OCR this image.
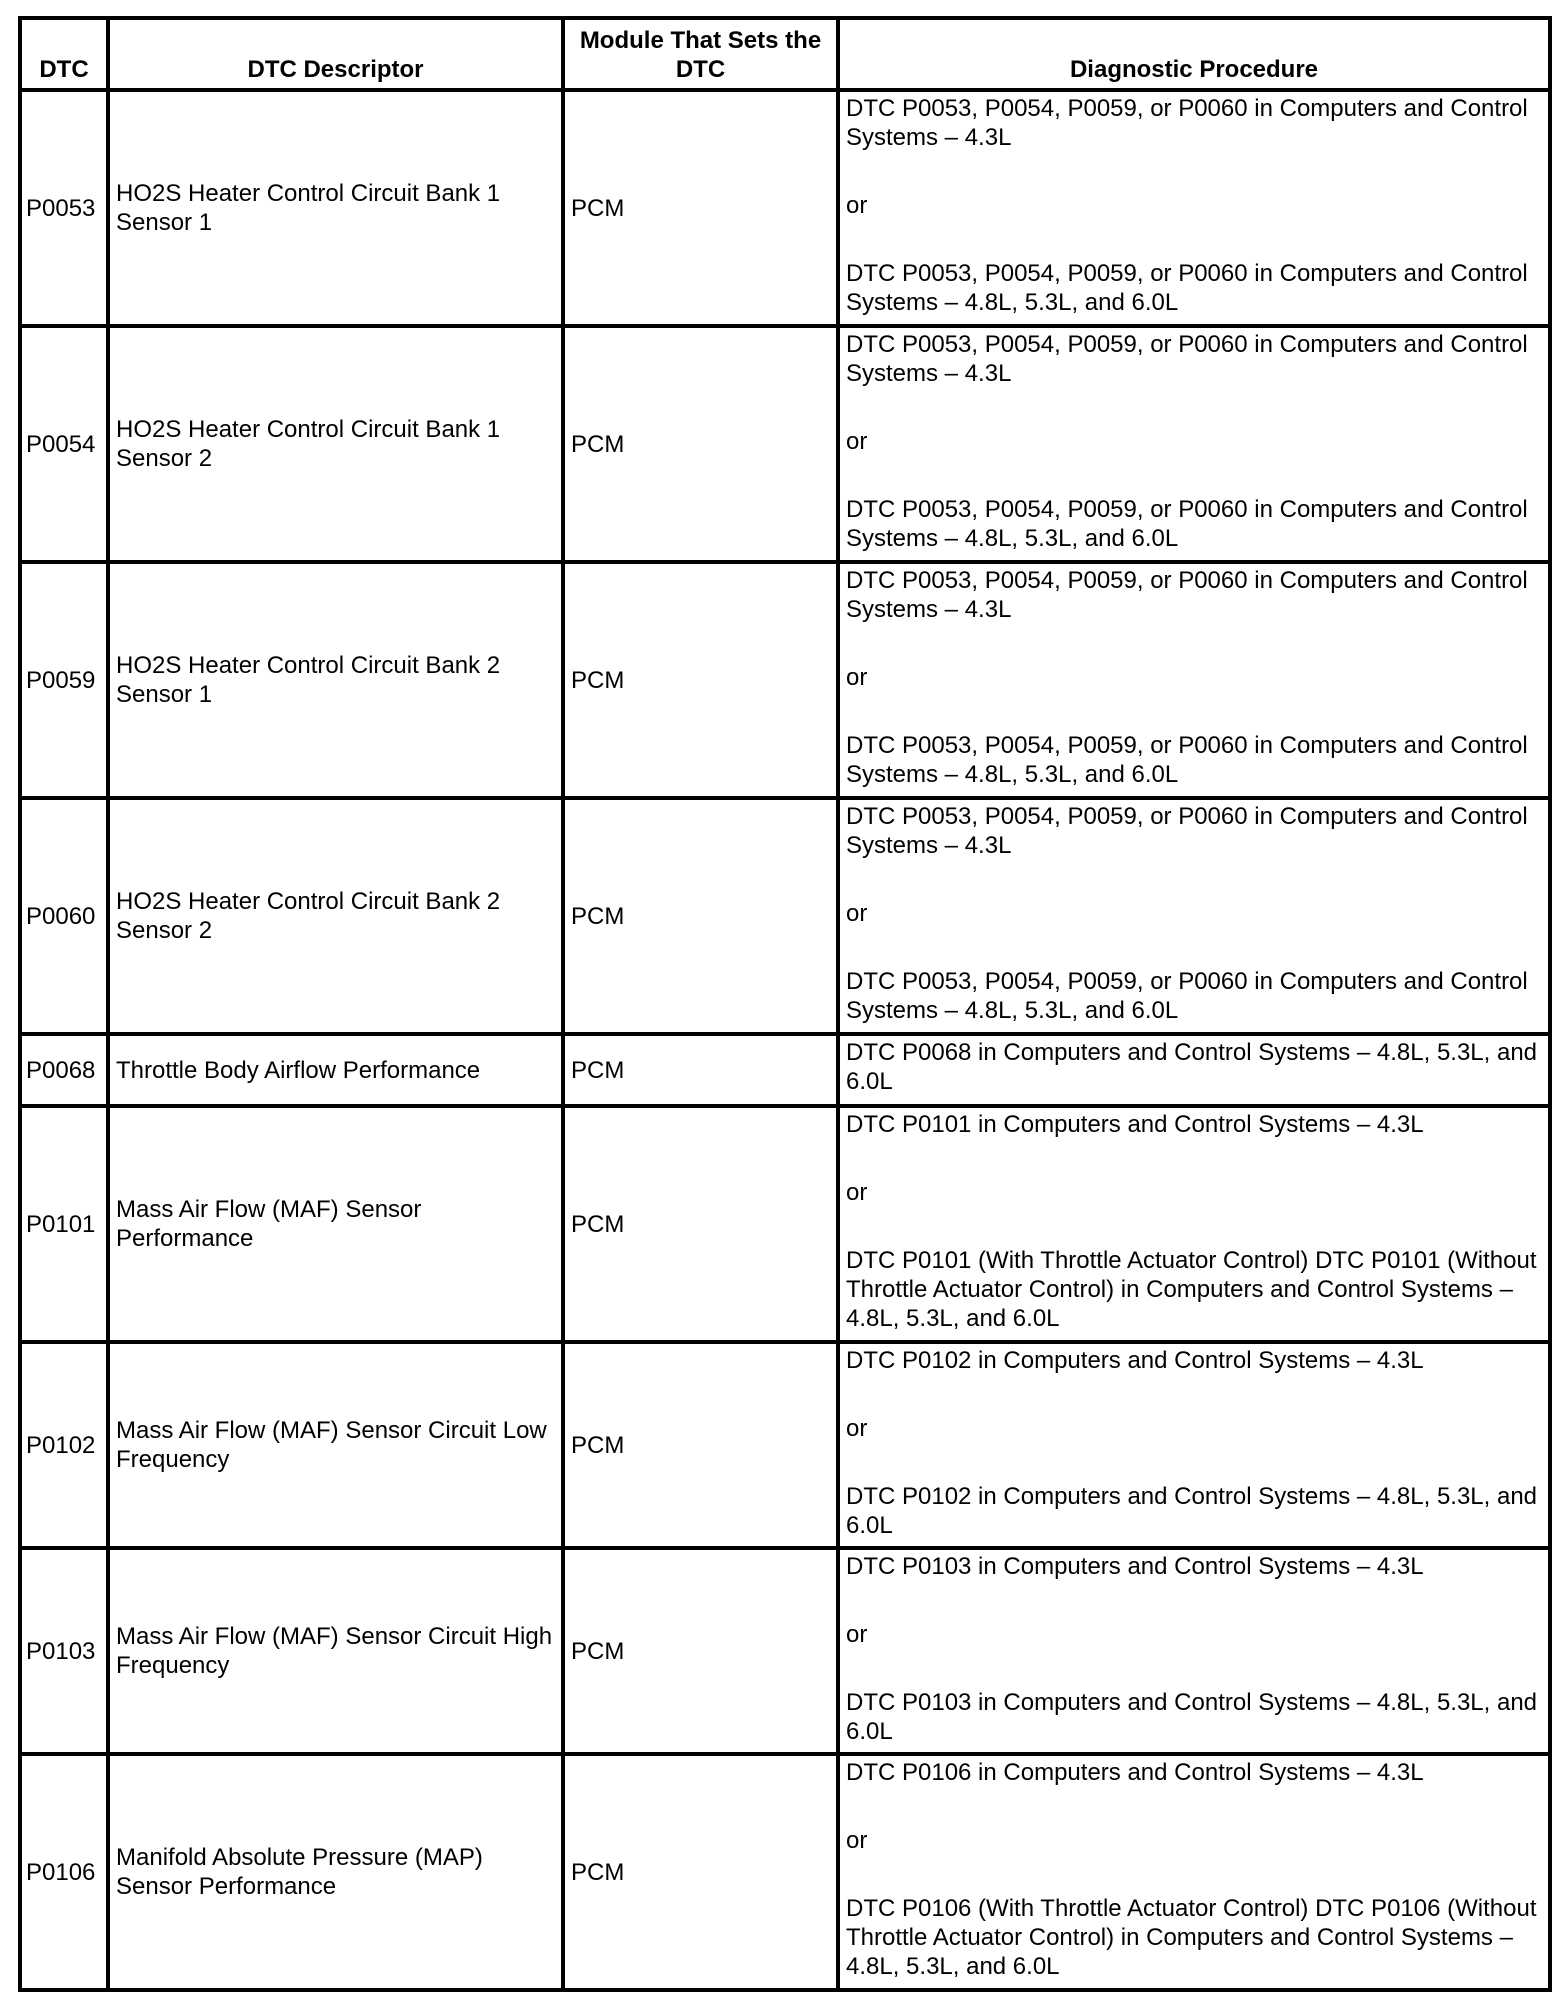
DTC	DTC Descriptor	Module That Sets the DTC	Diagnostic Procedure
P0053	HO2S Heater Control Circuit Bank 1 Sensor 1	PCM	DTC P0053, P0054, P0059, or P0060 in Computers and Control Systems – 4.3L
or
DTC P0053, P0054, P0059, or P0060 in Computers and Control Systems – 4.8L, 5.3L, and 6.0L

P0054	HO2S Heater Control Circuit Bank 1 Sensor 2	PCM	DTC P0053, P0054, P0059, or P0060 in Computers and Control Systems – 4.3L
or
DTC P0053, P0054, P0059, or P0060 in Computers and Control Systems – 4.8L, 5.3L, and 6.0L

P0059	HO2S Heater Control Circuit Bank 2 Sensor 1	PCM	DTC P0053, P0054, P0059, or P0060 in Computers and Control Systems – 4.3L
or
DTC P0053, P0054, P0059, or P0060 in Computers and Control Systems – 4.8L, 5.3L, and 6.0L

P0060	HO2S Heater Control Circuit Bank 2 Sensor 2	PCM	DTC P0053, P0054, P0059, or P0060 in Computers and Control Systems – 4.3L
or
DTC P0053, P0054, P0059, or P0060 in Computers and Control Systems – 4.8L, 5.3L, and 6.0L

P0068	Throttle Body Airflow Performance	PCM	DTC P0068 in Computers and Control Systems – 4.8L, 5.3L, and 6.0L

P0101	Mass Air Flow (MAF) Sensor Performance	PCM	DTC P0101 in Computers and Control Systems – 4.3L
or
DTC P0101 (With Throttle Actuator Control) DTC P0101 (Without Throttle Actuator Control) in Computers and Control Systems – 4.8L, 5.3L, and 6.0L

P0102	Mass Air Flow (MAF) Sensor Circuit Low Frequency	PCM	DTC P0102 in Computers and Control Systems – 4.3L
or
DTC P0102 in Computers and Control Systems – 4.8L, 5.3L, and 6.0L

P0103	Mass Air Flow (MAF) Sensor Circuit High Frequency	PCM	DTC P0103 in Computers and Control Systems – 4.3L
or
DTC P0103 in Computers and Control Systems – 4.8L, 5.3L, and 6.0L

P0106	Manifold Absolute Pressure (MAP) Sensor Performance	PCM	DTC P0106 in Computers and Control Systems – 4.3L
or
DTC P0106 (With Throttle Actuator Control) DTC P0106 (Without Throttle Actuator Control) in Computers and Control Systems – 4.8L, 5.3L, and 6.0L
